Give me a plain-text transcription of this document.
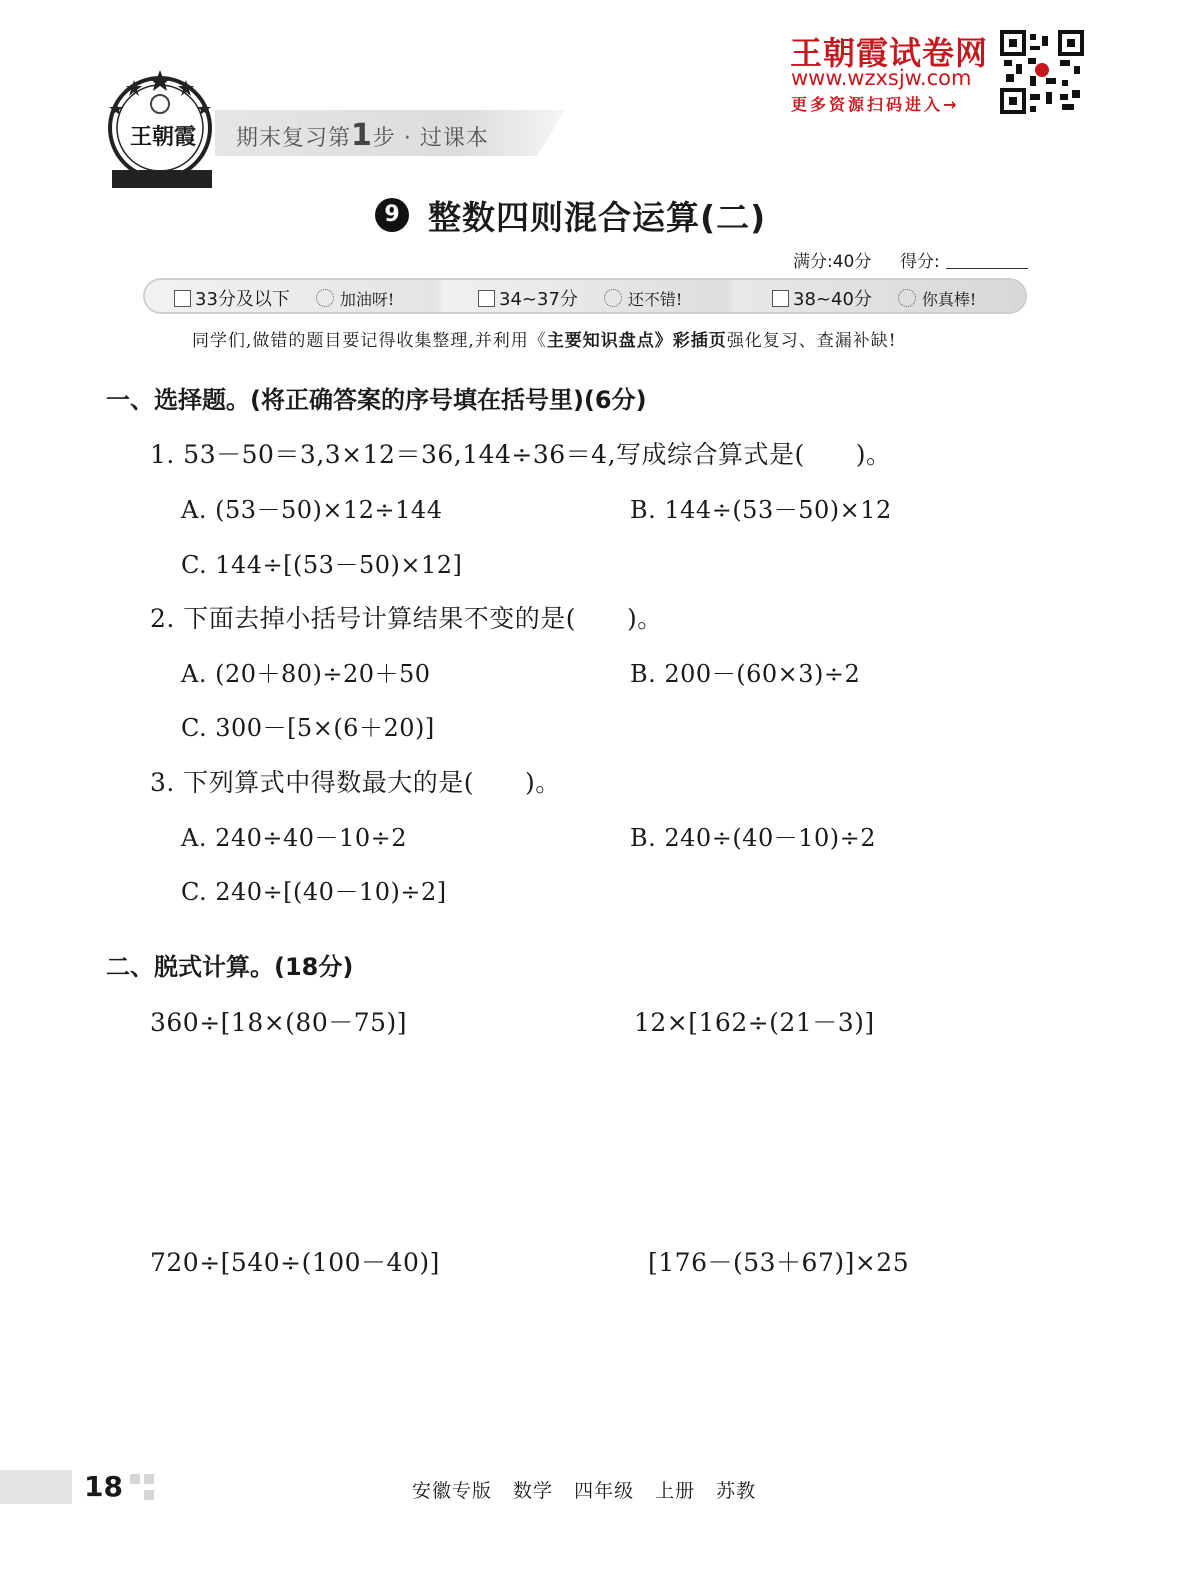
王朝霞	期末复习第1步 · 过课本
王朝霞试卷网
www.wzxsjw.com
更多资源扫码进入→
9 整数四则混合运算(二)
满分:40分 得分:
33分及以下	加油呀!	34~37分	还不错!	38~40分	你真棒!
同学们,做错的题目要记得收集整理,并利用《主要知识盘点》彩插页强化复习、查漏补缺!
一、选择题。(将正确答案的序号填在括号里)(6分)
1. 53－50＝3,3×12＝36,144÷36＝4,写成综合算式是(　　)。
A. (53－50)×12÷144	B. 144÷(53－50)×12
C. 144÷[(53－50)×12]
2. 下面去掉小括号计算结果不变的是(　　)。
A. (20＋80)÷20＋50	B. 200－(60×3)÷2
C. 300－[5×(6＋20)]
3. 下列算式中得数最大的是(　　)。
A. 240÷40－10÷2	B. 240÷(40－10)÷2
C. 240÷[(40－10)÷2]
二、脱式计算。(18分)
360÷[18×(80－75)]	12×[162÷(21－3)]
720÷[540÷(100－40)]	[176－(53＋67)]×25
18	安徽专版 数学 四年级 上册 苏教
